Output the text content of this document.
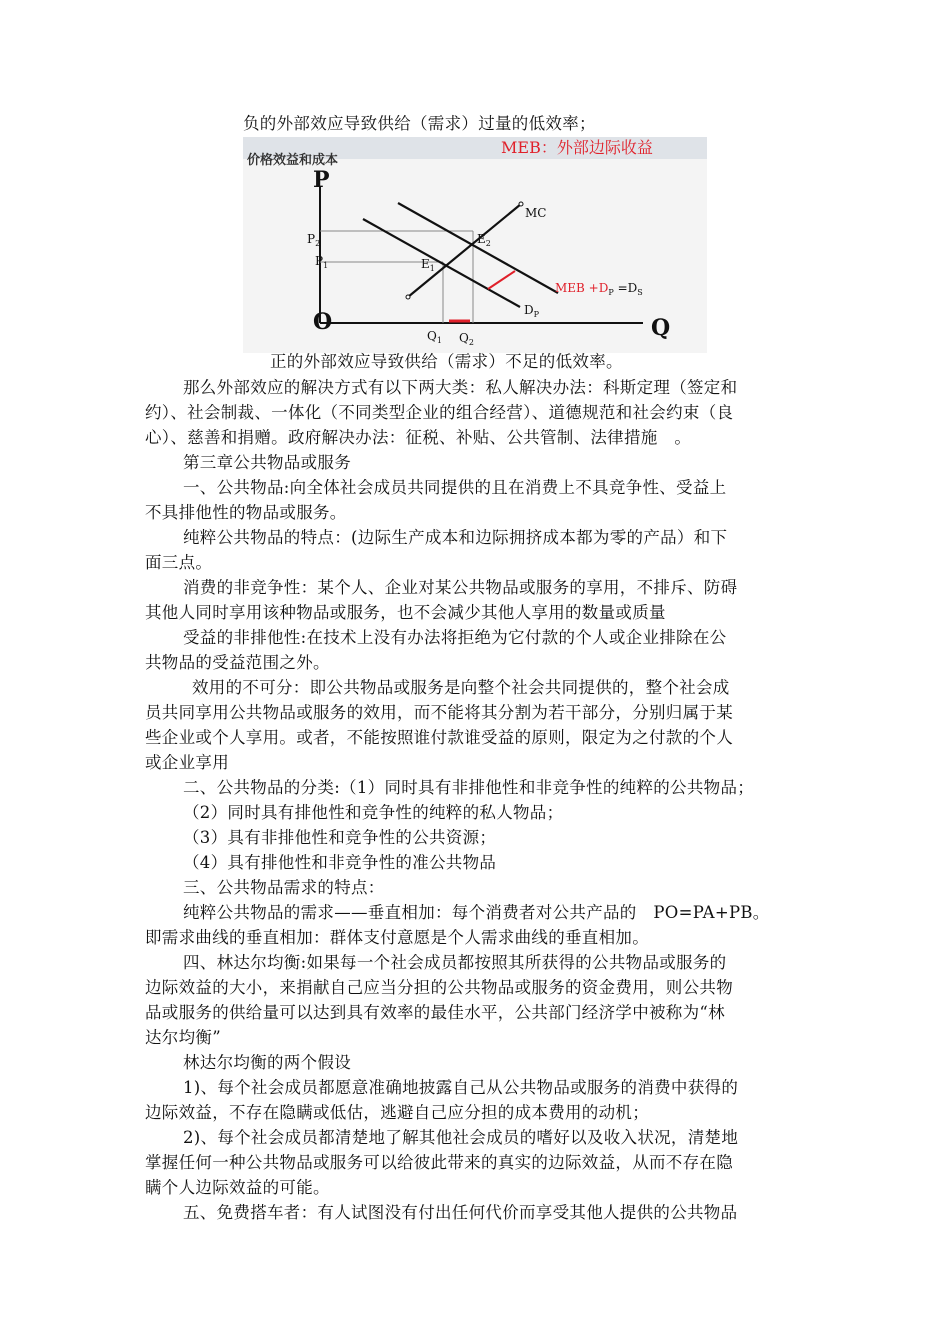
负的外部效应导致供给（需求）过量的低效率；
价格效益和成本
MEB：外部边际收益
P
O	Q
$P_2$
$P_1$
MC
$E_1$
$E_2$
MEB $+D_P =D_S$
$D_P$
$Q_1$ $Q_2$
正的外部效应导致供给（需求）不足的低效率。
那么外部效应的解决方式有以下两大类：私人解决办法：科斯定理（签定和
约）、社会制裁、一体化（不同类型企业的组合经营）、道德规范和社会约束（良
心）、慈善和捐赠。政府解决办法：征税、补贴、公共管制、法律措施　。
第三章公共物品或服务
一、公共物品:向全体社会成员共同提供的且在消费上不具竞争性、受益上
不具排他性的物品或服务。
纯粹公共物品的特点：(边际生产成本和边际拥挤成本都为零的产品）和下
面三点。
消费的非竞争性：某个人、企业对某公共物品或服务的享用，不排斥、防碍
其他人同时享用该种物品或服务，也不会减少其他人享用的数量或质量
受益的非排他性:在技术上没有办法将拒绝为它付款的个人或企业排除在公
共物品的受益范围之外。
效用的不可分：即公共物品或服务是向整个社会共同提供的，整个社会成
员共同享用公共物品或服务的效用，而不能将其分割为若干部分，分别归属于某
些企业或个人享用。或者，不能按照谁付款谁受益的原则，限定为之付款的个人
或企业享用
二、公共物品的分类:（1）同时具有非排他性和非竞争性的纯粹的公共物品；
（2）同时具有排他性和竞争性的纯粹的私人物品；
（3）具有非排他性和竞争性的公共资源；
（4）具有排他性和非竞争性的准公共物品
三、公共物品需求的特点：
纯粹公共物品的需求——垂直相加：每个消费者对公共产品的　PO=PA+PB。
即需求曲线的垂直相加：群体支付意愿是个人需求曲线的垂直相加。
四、林达尔均衡:如果每一个社会成员都按照其所获得的公共物品或服务的
边际效益的大小，来捐献自己应当分担的公共物品或服务的资金费用，则公共物
品或服务的供给量可以达到具有效率的最佳水平，公共部门经济学中被称为“林
达尔均衡”
林达尔均衡的两个假设
1)、每个社会成员都愿意准确地披露自己从公共物品或服务的消费中获得的
边际效益，不存在隐瞒或低估，逃避自己应分担的成本费用的动机；
2)、每个社会成员都清楚地了解其他社会成员的嗜好以及收入状况，清楚地
掌握任何一种公共物品或服务可以给彼此带来的真实的边际效益，从而不存在隐
瞒个人边际效益的可能。
五、免费搭车者：有人试图没有付出任何代价而享受其他人提供的公共物品
